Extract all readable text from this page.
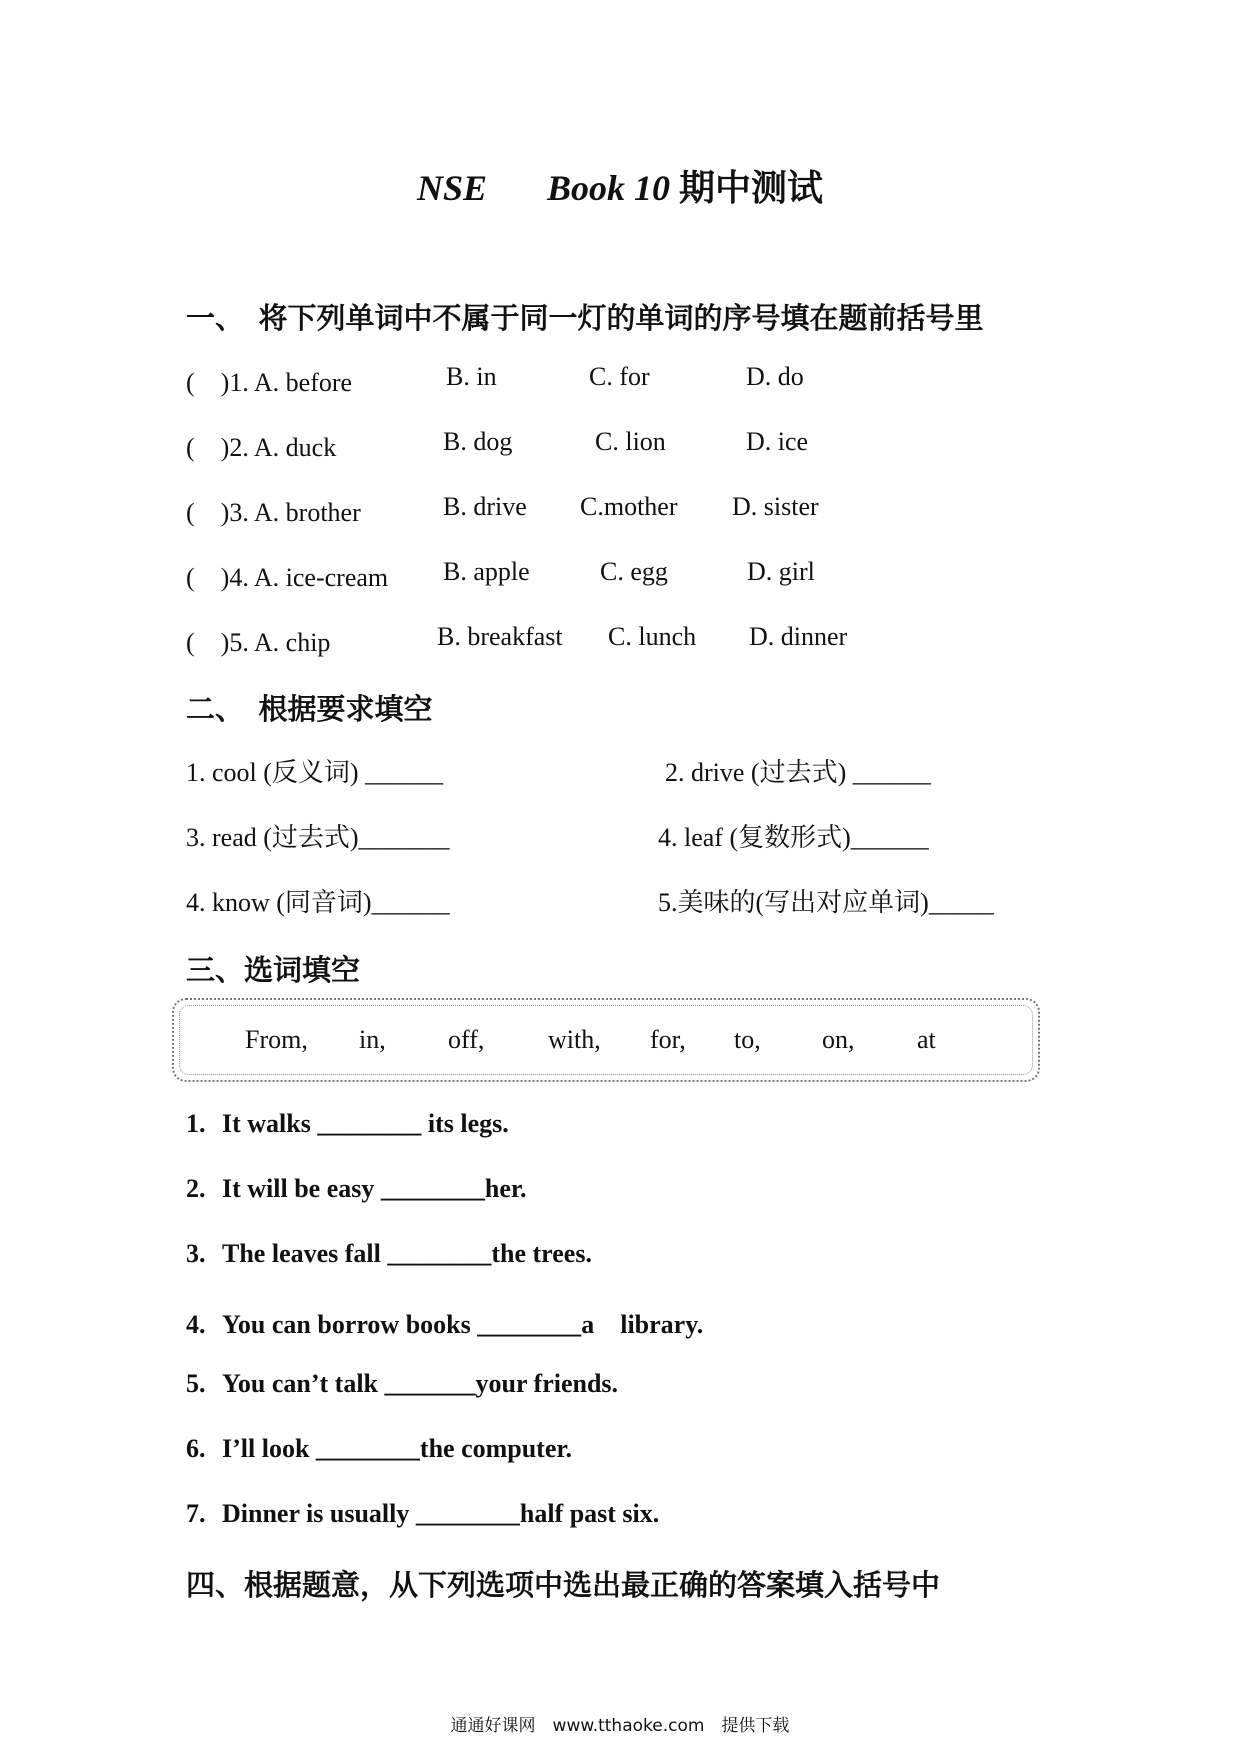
NSE Book 10 期中测试
一、　将下列单词中不属于同一灯的单词的序号填在题前括号里
(　)1. A. before	B. in	C. for	D. do
(　)2. A. duck	B. dog	C. lion	D. ice
(　)3. A. brother	B. drive C.mother D. sister
(　)4. A. ice-cream B. apple	C. egg	D. girl
(　)5. A. chip	B. breakfast C. lunch D. dinner
二、　根据要求填空
1. cool (反义词) ______	2. drive (过去式) ______
3. read (过去式)_______	4. leaf (复数形式)______
4. know (同音词)______	5.美味的(写出对应单词)_____
三、选词填空
From, in, off, with, for, to, on, at
1. It walks ________ its legs.
2. It will be easy ________her.
3. The leaves fall ________the trees.
4. You can borrow books ________a　library.
5. You can’t talk _______your friends.
6. I’ll look ________the computer.
7. Dinner is usually ________half past six.
四、根据题意，从下列选项中选出最正确的答案填入括号中
通通好课网　www.tthaoke.com　提供下载
